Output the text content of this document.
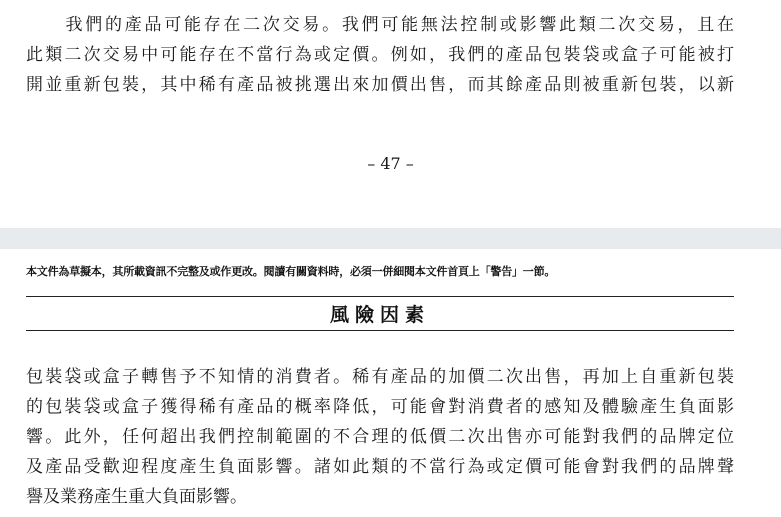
　　我們的產品可能存在二次交易。我們可能無法控制或影響此類二次交易，且在

此類二次交易中可能存在不當行為或定價。例如，我們的產品包裝袋或盒子可能被打

開並重新包裝，其中稀有產品被挑選出來加價出售，而其餘產品則被重新包裝，以新

– 47 –
本文件為草擬本，其所載資訊不完整及或作更改。閱讀有關資料時，必須一併細閱本文件首頁上「警告」一節。
風險因素

包裝袋或盒子轉售予不知情的消費者。稀有產品的加價二次出售，再加上自重新包裝

的包裝袋或盒子獲得稀有產品的概率降低，可能會對消費者的感知及體驗產生負面影

響。此外，任何超出我們控制範圍的不合理的低價二次出售亦可能對我們的品牌定位

及產品受歡迎程度產生負面影響。諸如此類的不當行為或定價可能會對我們的品牌聲

譽及業務產生重大負面影響。
